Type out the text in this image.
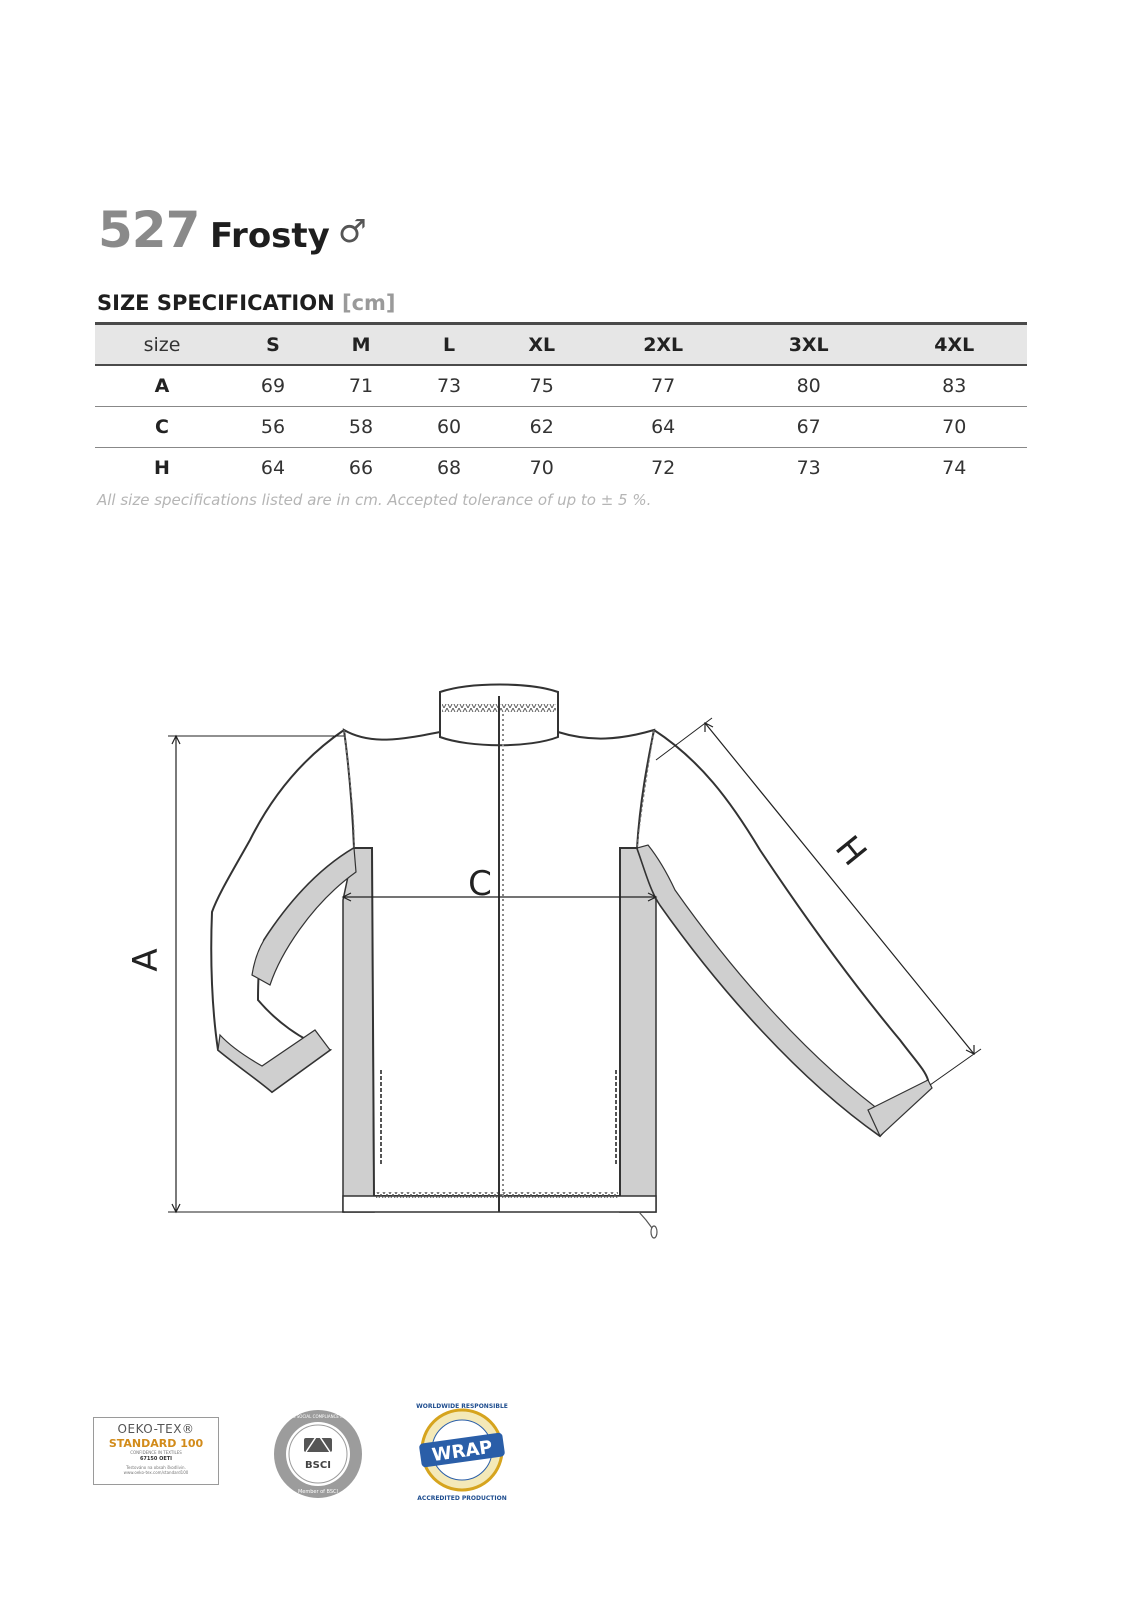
527 Frosty ♂
SIZE SPECIFICATION [cm]
size	S	M	L	XL	2XL	3XL	4XL
A	69	71	73	75	77	80	83
C	56	58	60	62	64	67	70
H	64	66	68	70	72	73	74
All size specifications listed are in cm. Accepted tolerance of up to ± 5 %.
A
C
H
OEKO-TEX®
STANDARD 100
CONFIDENCE IN TEXTILES
67150 OETI
Testováno na obsah škodlivin.
www.oeko-tex.com/standard100
BSCI
Member of BSCI
BUSINESS SOCIAL COMPLIANCE INITIATIVE
WRAP
WORLDWIDE RESPONSIBLE
ACCREDITED PRODUCTION
